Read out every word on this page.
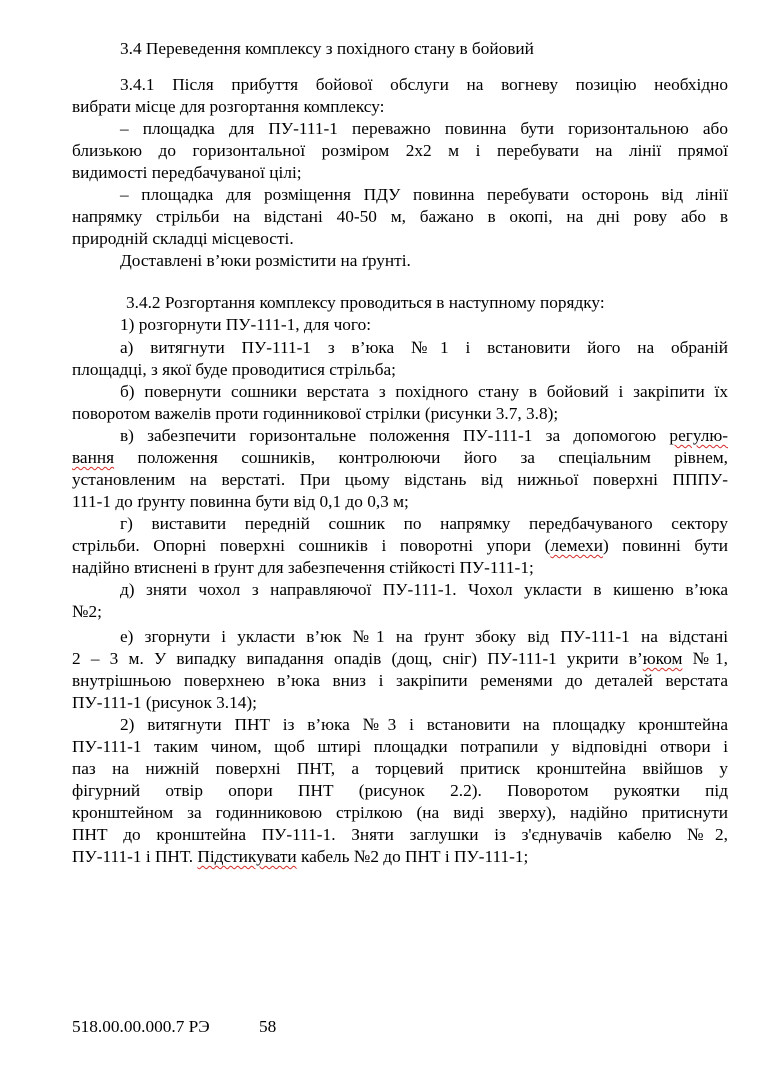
3.4 Переведення комплексу з похідного стану в бойовий
3.4.1 Після прибуття бойової обслуги на вогневу позицію необхідно
вибрати місце для розгортання комплексу:
– площадка для ПУ-111-1 переважно повинна бути горизонтальною або
близькою до горизонтальної розміром 2х2 м і перебувати на лінії прямої
видимості передбачуваної цілі;
– площадка для розміщення ПДУ повинна перебувати осторонь від лінії
напрямку стрільби на відстані 40-50 м, бажано в окопі, на дні рову або в
природній складці місцевості.
Доставлені в’юки розмістити на ґрунті.
3.4.2 Розгортання комплексу проводиться в наступному порядку:
1) розгорнути ПУ-111-1, для чого:
а) витягнути ПУ-111-1 з в’юка №1 і встановити його на обраній
площадці, з якої буде проводитися стрільба;
б) повернути сошники верстата з похідного стану в бойовий і закріпити їх
поворотом важелів проти годинникової стрілки (рисунки 3.7, 3.8);
в) забезпечити горизонтальне положення ПУ-111-1 за допомогою регулю-
вання положення сошників, контролюючи його за спеціальним рівнем,
установленим на верстаті. При цьому відстань від нижньої поверхні ПППУ-
111-1 до ґрунту повинна бути від 0,1 до 0,3 м;
г) виставити передній сошник по напрямку передбачуваного сектору
стрільби. Опорні поверхні сошників і поворотні упори (лемехи) повинні бути
надійно втиснені в ґрунт для забезпечення стійкості ПУ-111-1;
д) зняти чохол з направляючої ПУ-111-1. Чохол укласти в кишеню в’юка
№2;
е) згорнути і укласти в’юк №1 на ґрунт збоку від ПУ-111-1 на відстані
2 – 3 м. У випадку випадання опадів (дощ, сніг) ПУ-111-1 укрити в’юком №1,
внутрішньою поверхнею в’юка вниз і закріпити ременями до деталей верстата
ПУ-111-1 (рисунок 3.14);
2) витягнути ПНТ із в’юка №3 і встановити на площадку кронштейна
ПУ-111-1 таким чином, щоб штирі площадки потрапили у відповідні отвори і
паз на нижній поверхні ПНТ, а торцевий притиск кронштейна ввійшов у
фігурний отвір опори ПНТ (рисунок 2.2). Поворотом рукоятки під
кронштейном за годинниковою стрілкою (на виді зверху), надійно притиснути
ПНТ до кронштейна ПУ-111-1. Зняти заглушки із з'єднувачів кабелю №2,
ПУ-111-1 і ПНТ. Підстикувати кабель №2 до ПНТ і ПУ-111-1;
518.00.00.000.7 РЭ	58
